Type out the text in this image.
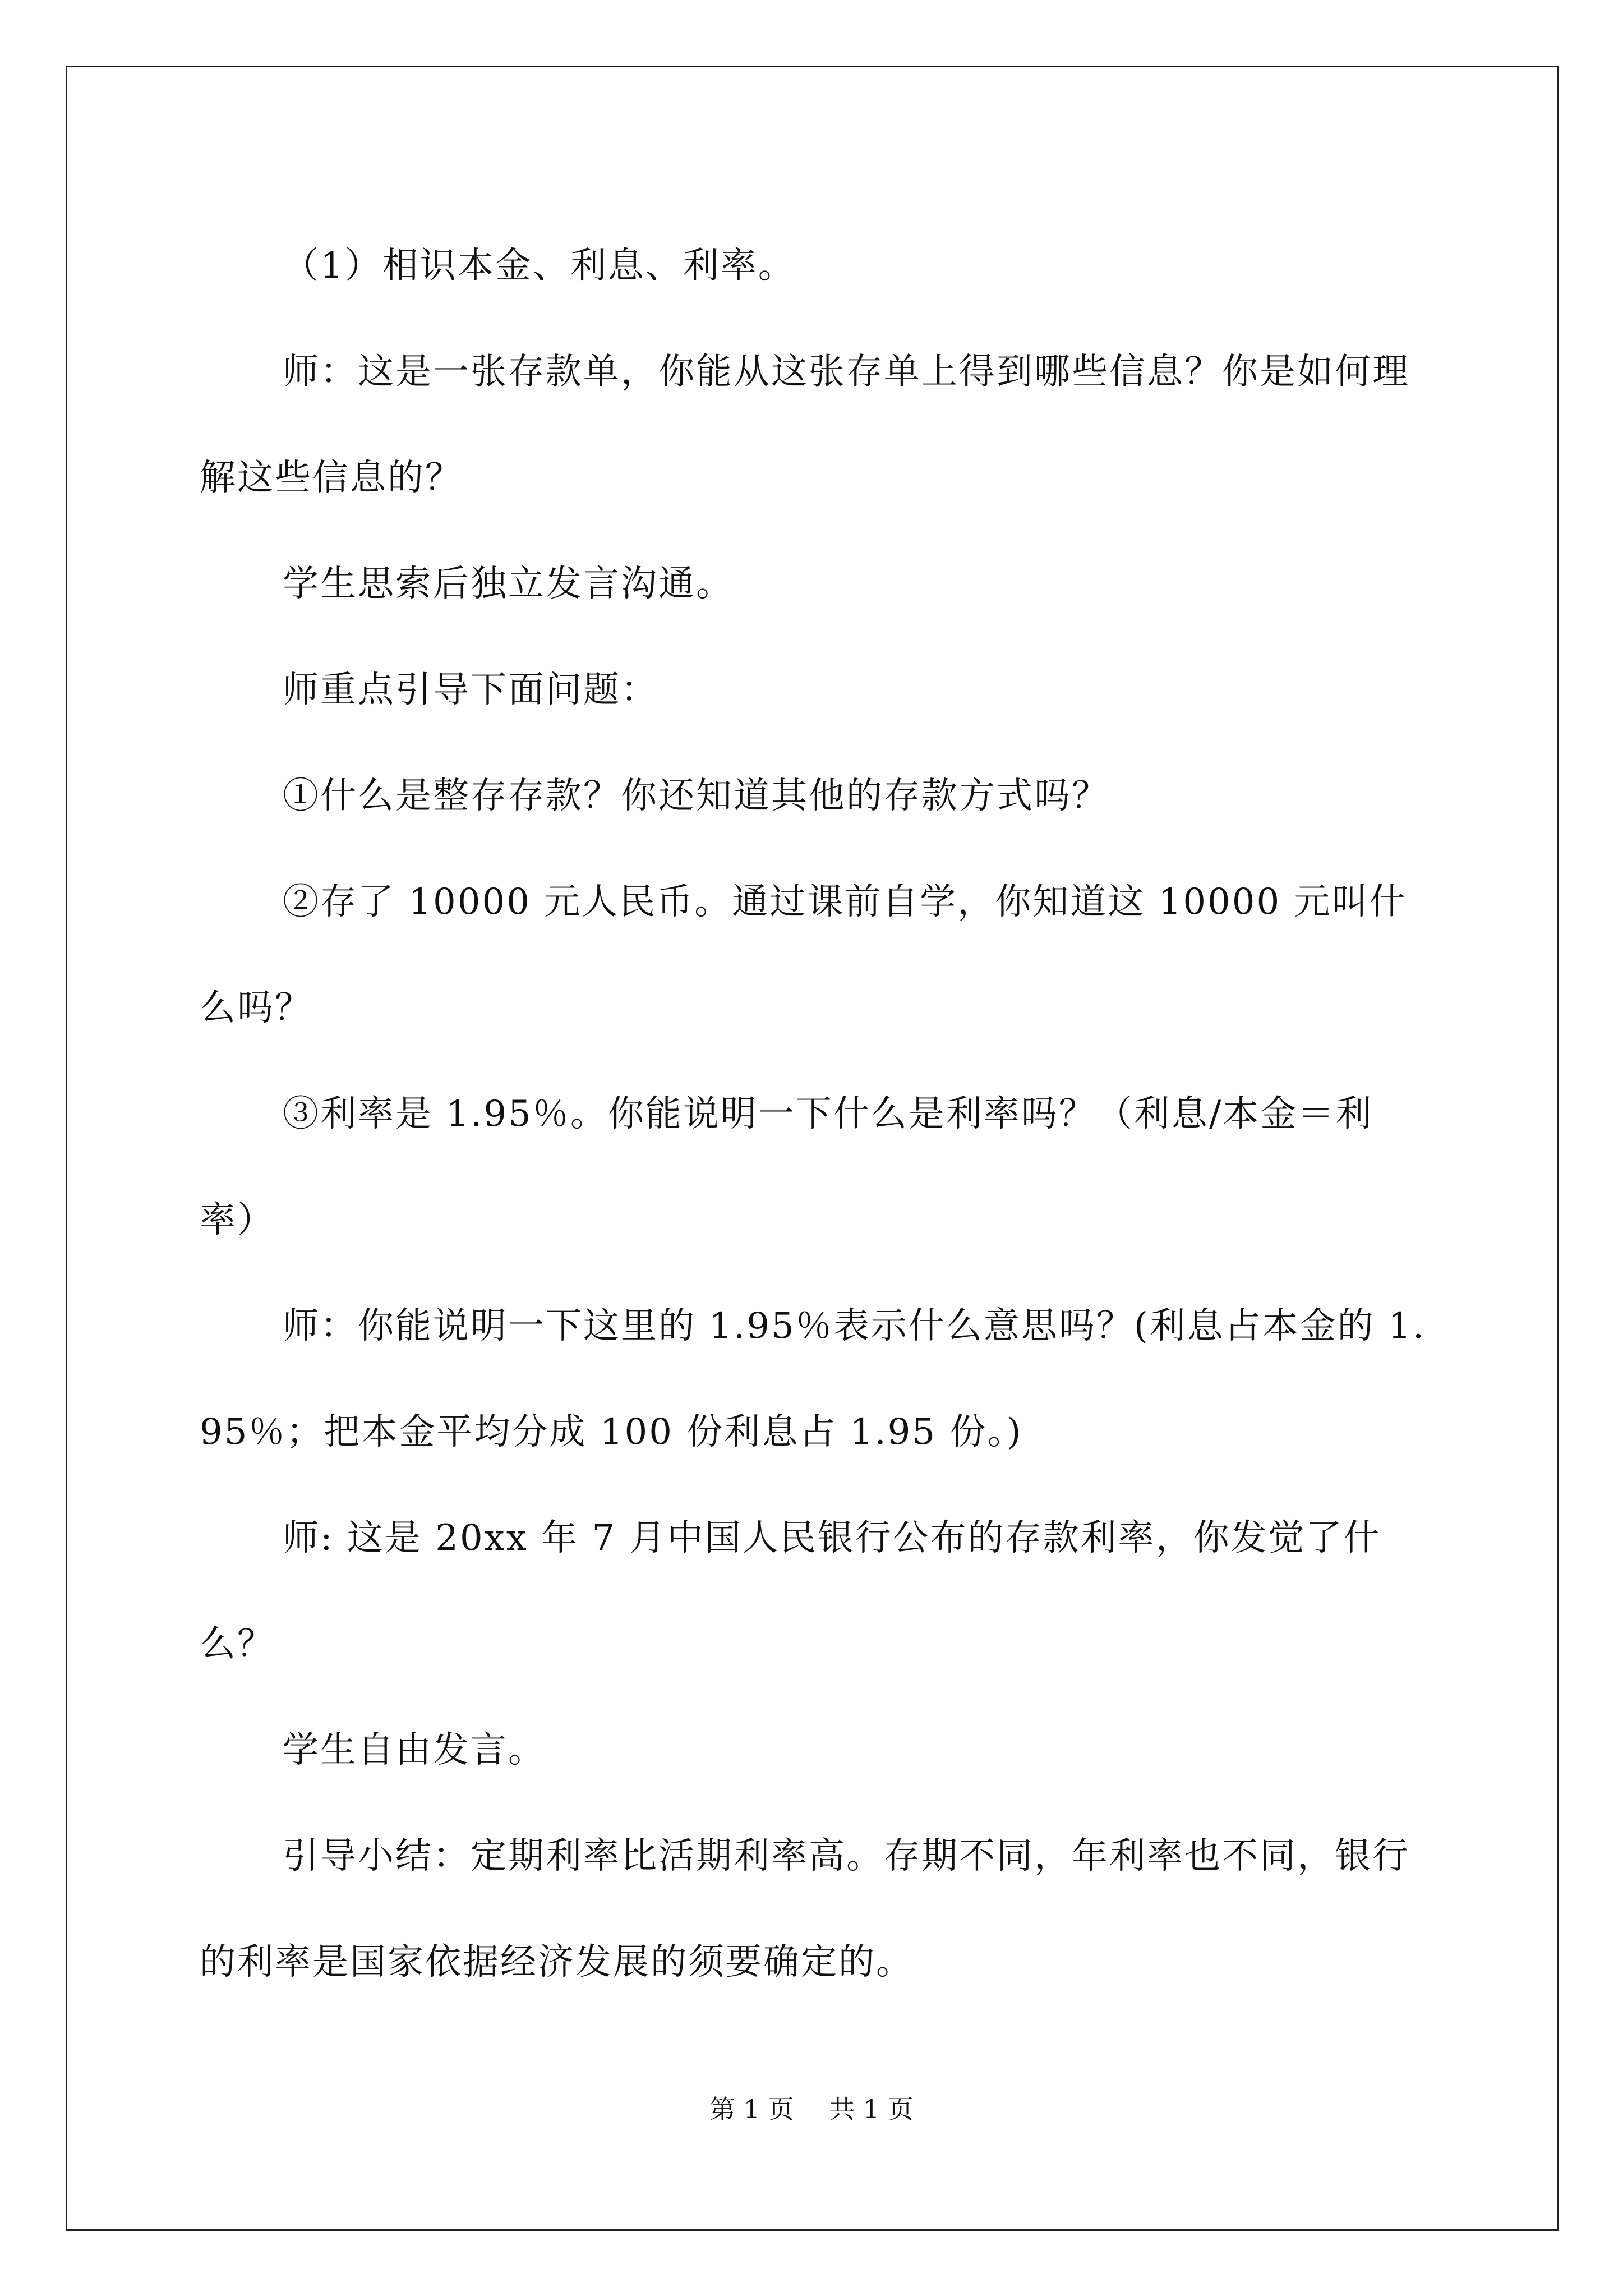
（1）相识本金、利息、利率。

师：这是一张存款单，你能从这张存单上得到哪些信息？你是如何理解这些信息的？

学生思索后独立发言沟通。

师重点引导下面问题：

①什么是整存存款？你还知道其他的存款方式吗？

②存了 10000 元人民币。通过课前自学，你知道这 10000 元叫什么吗？

③利率是 1.95％。你能说明一下什么是利率吗？（利息/本金＝利率）

师：你能说明一下这里的 1.95％表示什么意思吗？(利息占本金的 1.95％；把本金平均分成 100 份利息占 1.95 份。)

师: 这是 20xx 年 7 月中国人民银行公布的存款利率，你发觉了什么？

学生自由发言。

引导小结：定期利率比活期利率高。存期不同，年利率也不同，银行的利率是国家依据经济发展的须要确定的。

第 1 页 共 1 页
